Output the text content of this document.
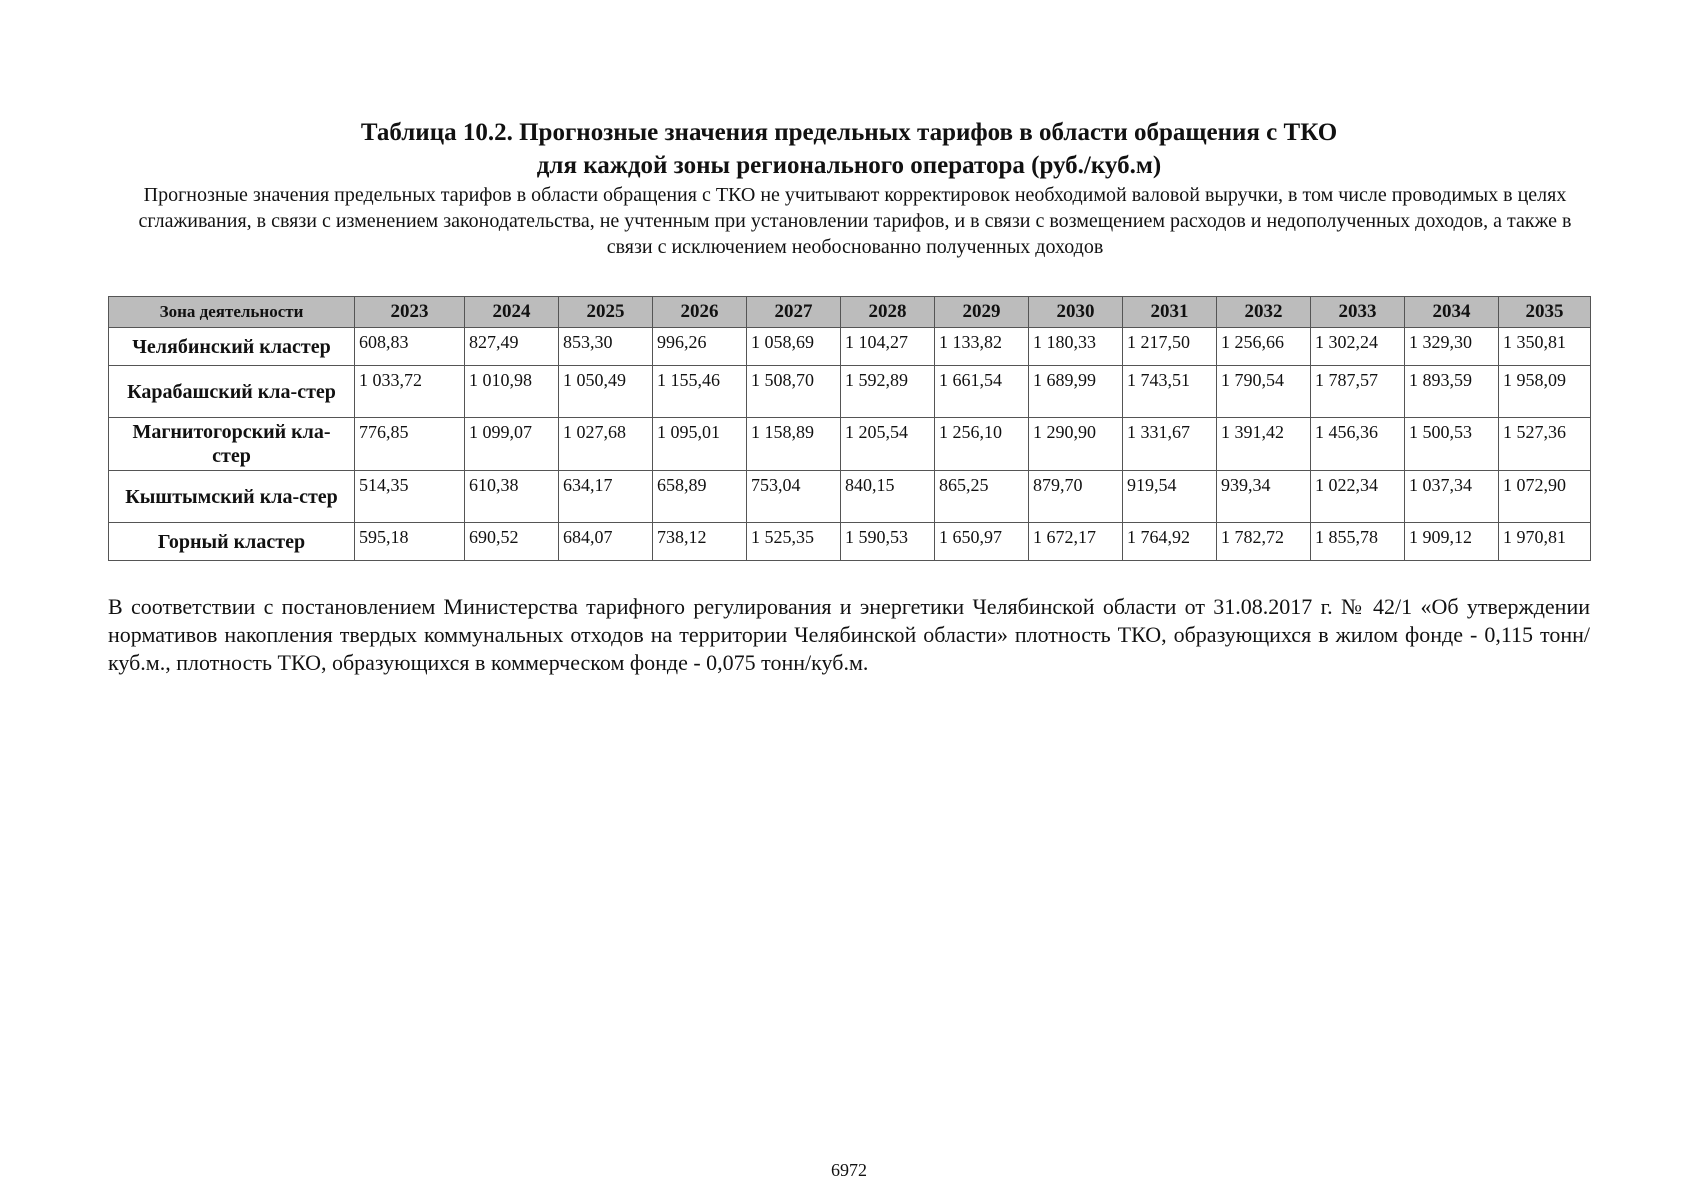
Таблица 10.2. Прогнозные значения предельных тарифов в области обращения с ТКО
для каждой зоны регионального оператора (руб./куб.м)
Прогнозные значения предельных тарифов в области обращения с ТКО не учитывают корректировок необходимой валовой выручки, в том числе проводимых в целях сглаживания, в связи с изменением законодательства, не учтенным при установлении тарифов, и в связи с возмещением расходов и недополученных доходов, а также в связи с исключением необоснованно полученных доходов
Зона деятельности	2023	2024	2025	2026	2027	2028	2029	2030	2031	2032	2033	2034	2035
Челябинский кластер	608,83	827,49	853,30	996,26	1 058,69	1 104,27	1 133,82	1 180,33	1 217,50	1 256,66	1 302,24	1 329,30	1 350,81
Карабашский кла-стер	1 033,72	1 010,98	1 050,49	1 155,46	1 508,70	1 592,89	1 661,54	1 689,99	1 743,51	1 790,54	1 787,57	1 893,59	1 958,09
Магнитогорский кла-стер	776,85	1 099,07	1 027,68	1 095,01	1 158,89	1 205,54	1 256,10	1 290,90	1 331,67	1 391,42	1 456,36	1 500,53	1 527,36
Кыштымский кла-стер	514,35	610,38	634,17	658,89	753,04	840,15	865,25	879,70	919,54	939,34	1 022,34	1 037,34	1 072,90
Горный кластер	595,18	690,52	684,07	738,12	1 525,35	1 590,53	1 650,97	1 672,17	1 764,92	1 782,72	1 855,78	1 909,12	1 970,81
В соответствии с постановлением Министерства тарифного регулирования и энергетики Челябинской области от 31.08.2017 г. № 42/1 «Об утверждении нормативов накопления твердых коммунальных отходов на территории Челябинской области» плотность ТКО, образующихся в жилом фонде - 0,115 тонн/куб.м., плотность ТКО, образующихся в коммерческом фонде - 0,075 тонн/куб.м.
6972
